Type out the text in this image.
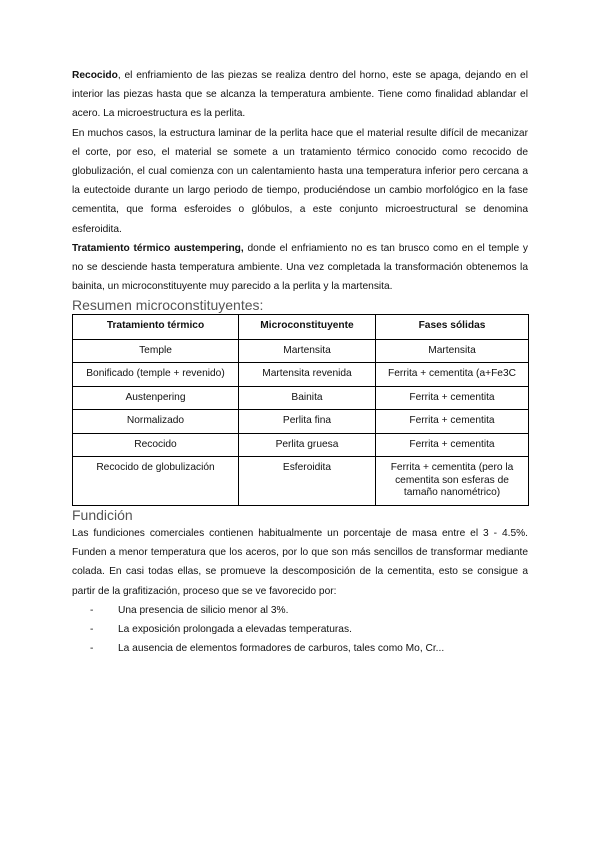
Recocido, el enfriamiento de las piezas se realiza dentro del horno, este se apaga, dejando en el interior las piezas hasta que se alcanza la temperatura ambiente. Tiene como finalidad ablandar el acero. La microestructura es la perlita.

En muchos casos, la estructura laminar de la perlita hace que el material resulte difícil de mecanizar el corte, por eso, el material se somete a un tratamiento térmico conocido como recocido de globulización, el cual comienza con un calentamiento hasta una temperatura inferior pero cercana a la eutectoide durante un largo periodo de tiempo, produciéndose un cambio morfológico en la fase cementita, que forma esferoides o glóbulos, a este conjunto microestructural se denomina esferoidita.

Tratamiento térmico austempering, donde el enfriamiento no es tan brusco como en el temple y no se desciende hasta temperatura ambiente. Una vez completada la transformación obtenemos la bainita, un microconstituyente muy parecido a la perlita y la martensita.

Resumen microconstituyentes:
Tratamiento térmico	Microconstituyente	Fases sólidas
Temple	Martensita	Martensita
Bonificado (temple + revenido)	Martensita revenida	Ferrita + cementita (a+Fe3C
Austenpering	Bainita	Ferrita + cementita
Normalizado	Perlita fina	Ferrita + cementita
Recocido	Perlita gruesa	Ferrita + cementita
Recocido de globulización	Esferoidita	Ferrita + cementita (pero la cementita son esferas de tamaño nanométrico)
Fundición

Las fundiciones comerciales contienen habitualmente un porcentaje de masa entre el 3 - 4.5%. Funden a menor temperatura que los aceros, por lo que son más sencillos de transformar mediante colada. En casi todas ellas, se promueve la descomposición de la cementita, esto se consigue a partir de la grafitización, proceso que se ve favorecido por:

- Una presencia de silicio menor al 3%.
- La exposición prolongada a elevadas temperaturas.
- La ausencia de elementos formadores de carburos, tales como Mo, Cr...
